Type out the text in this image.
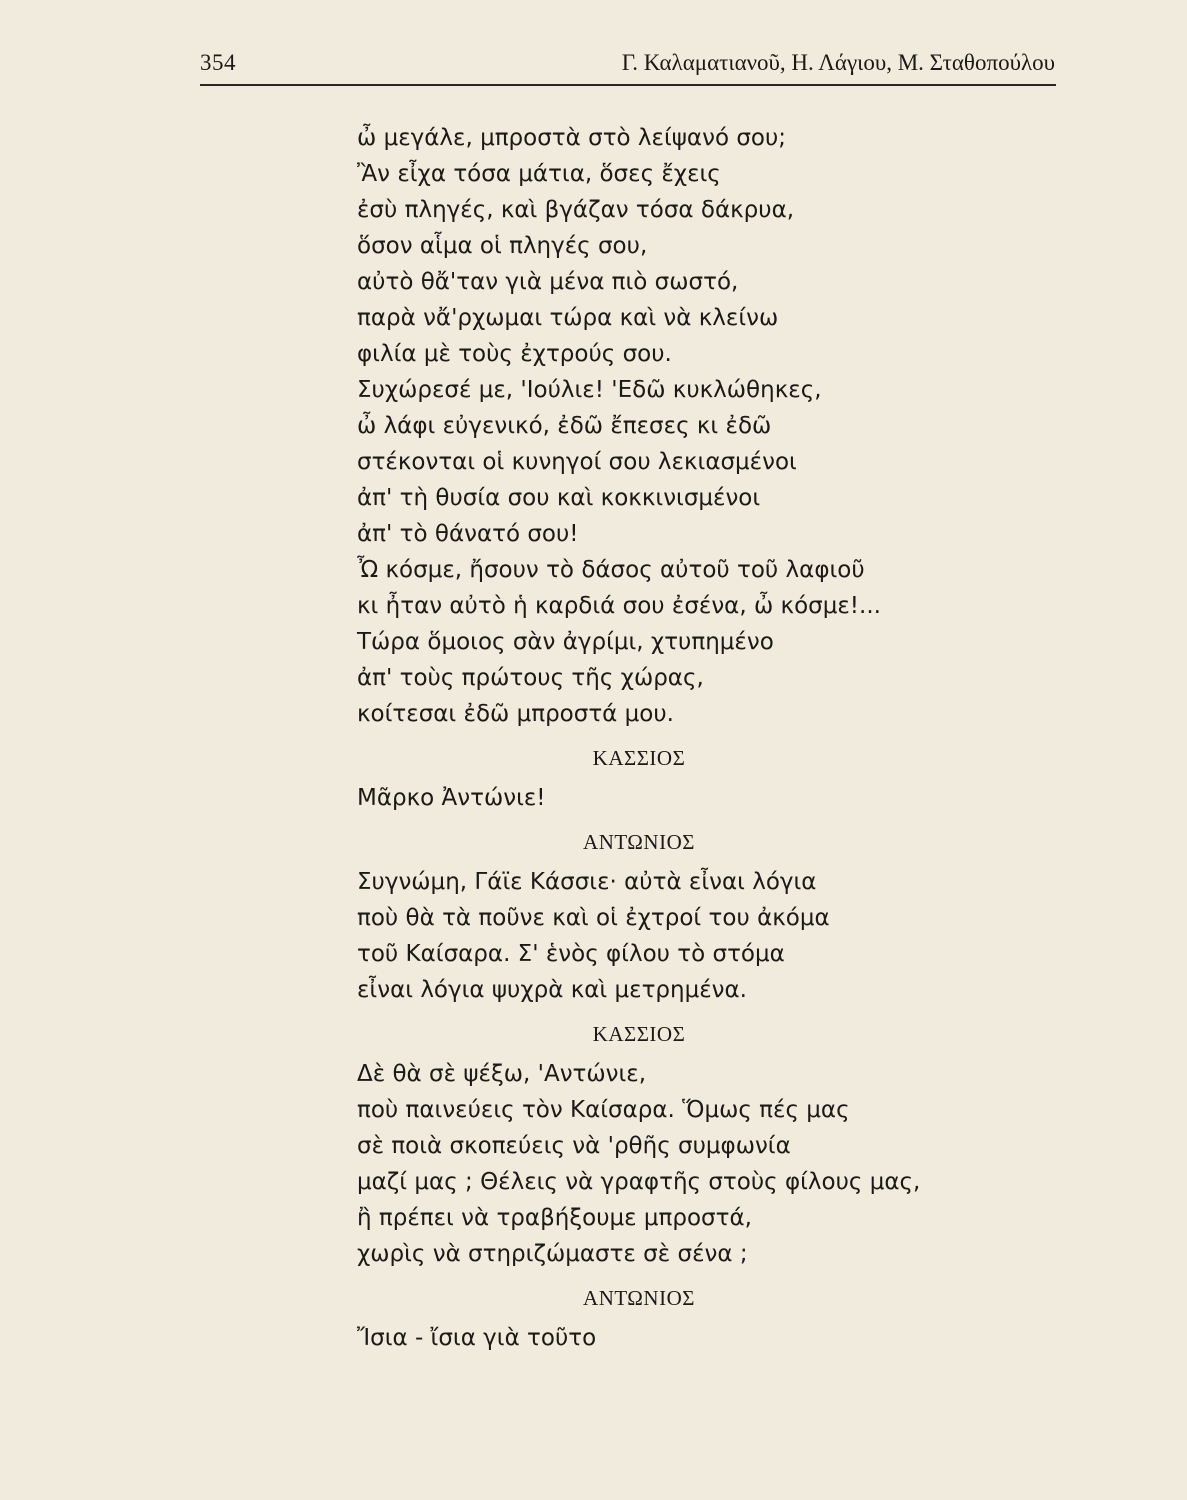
354	Γ. Καλαματιανοῦ, Η. Λάγιου, Μ. Σταθοπούλου
ὦ μεγάλε, μπροστὰ στὸ λείψανό σου;
Ἂν εἶχα τόσα μάτια, ὅσες ἔχεις
ἐσὺ πληγές, καὶ βγάζαν τόσα δάκρυα,
ὅσον αἷμα οἱ πληγές σου,
αὐτὸ θἄ'ταν γιὰ μένα πιὸ σωστό,
παρὰ νἄ'ρχωμαι τώρα καὶ νὰ κλείνω
φιλία μὲ τοὺς ἐχτρούς σου.
Συχώρεσέ με, 'Ιούλιε! 'Εδῶ κυκλώθηκες,
ὦ λάφι εὐγενικό, ἐδῶ ἔπεσες κι ἐδῶ
στέκονται οἱ κυνηγοί σου λεκιασμένοι
ἀπ' τὴ θυσία σου καὶ κοκκινισμένοι
ἀπ' τὸ θάνατό σου!
Ὦ κόσμε, ἤσουν τὸ δάσος αὐτοῦ τοῦ λαφιοῦ
κι ἦταν αὐτὸ ἡ καρδιά σου ἐσένα, ὦ κόσμε!...
Τώρα ὅμοιος σὰν ἀγρίμι, χτυπημένο
ἀπ' τοὺς πρώτους τῆς χώρας,
κοίτεσαι ἐδῶ μπροστά μου.
ΚΑΣΣΙΟΣ
Μᾶρκο Ἀντώνιε!
ΑΝΤΩΝΙΟΣ
Συγνώμη, Γάϊε Κάσσιε· αὐτὰ εἶναι λόγια
ποὺ θὰ τὰ ποῦνε καὶ οἱ ἐχτροί του ἀκόμα
τοῦ Καίσαρα. Σ' ἑνὸς φίλου τὸ στόμα
εἶναι λόγια ψυχρὰ καὶ μετρημένα.
ΚΑΣΣΙΟΣ
Δὲ θὰ σὲ ψέξω, 'Αντώνιε,
ποὺ παινεύεις τὸν Καίσαρα. Ὅμως πές μας
σὲ ποιὰ σκοπεύεις νὰ 'ρθῆς συμφωνία
μαζί μας ; Θέλεις νὰ γραφτῆς στοὺς φίλους μας,
ἢ πρέπει νὰ τραβήξουμε μπροστά,
χωρὶς νὰ στηριζώμαστε σὲ σένα ;
ΑΝΤΩΝΙΟΣ
Ἴσια - ἴσια γιὰ τοῦτο
